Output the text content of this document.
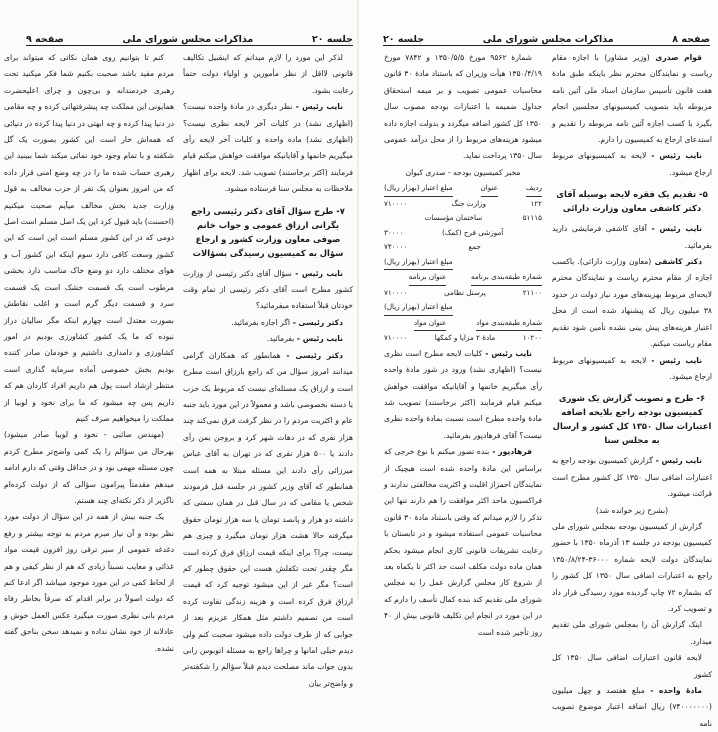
جلسه ۲۰
مذاکرات مجلس شورای ملی
صفحه ۹

لذکر این مورد را لازم میدانم که اینقبیل تکالیف قانونی لااقل از نظر مأمورین و اولیاء دولت حتماً رعایت بشود.

نایب رئیس - نظر دیگری در مادهٔ واحده نیست؟ (اظهاری نشد) در کلیات آخر لایحه نظری نیست؟ (اظهاری نشد) ماده واحده و کلیات آخر لایحه رأی میگیریم خانمها و آقایانیکه موافقت خواهش میکنم قیام فرمایند (اکثر برخاستند) تصویب شد. لایحه برای اظهار ملاحظات به مجلس سنا فرستاده میشود.

۷- طرح سؤال آقای دکتر رئیسی راجع بگرانی ارزاق عمومی و جواب خانم صوفی معاون وزارت کشور و ارجاع سؤال به کمیسیون رسیدگی بسؤالات

نایب رئیس - سؤال آقای دکتر رئیسی از وزارت کشور مطرح است آقای دکتر رئیسی از تمام وقت خودتان قبلاً استفاده میفرمائید؟

دکتر رئیسی - اگر اجازه بفرمائید.

نایب رئیس - بفرمائید.

دکتر رئیسی - همانطور که همکاران گرامی میدانند امروز سؤال من که راجع بارزاق است مطرح است و ارزاق یک مسئله‌ای نیست که مربوط یک حزب یا دسته بخصوصی باشد و معمولاً در این مورد باید جنبه عام و اکثریت مردم را در نظر گرفت فرق نمی‌کند چند هزار نفری که در دهات شهر کرد و بروجن بمن رأی دادند یا ۵۰۰ هزار نفری که در تهران به آقای عباس میرزائی رأی دادند این مسئله مبتلا به همه است همانطور که آقای وزیر کشور در جلسه قبل فرمودند شخص یا مقامی که در سال قبل در همان سمتی که داشته دو هزار و پانصد تومان یا سه هزار تومان حقوق میگرفته حالا هشت هزار تومان میگیرد و چیزی هم نیست، چرا؟ برای اینکه قیمت ارزاق فرق کرده است مگر چقدر تحت تکفلش هست این حقوق چطور کم است؟ مگر غیر از این میشود توجیه کرد که قیمت ارزاق فرق کرده است و هزینه زندگی تفاوت کرده است من تصمیم داشتم مثل همکار عزیزم بعد از جوابی که از طرف دولت داده میشود صحبت کنم ولی دیدم خیلی امانها و چراها راجع به مسئله اتوبوس رانی بدون جواب ماند مصلحت دیدم قبلاً سؤالم را شکفته‌تر و واضح‌تر بیان

کنم تا بتوانیم روی همان نکاتی که میتواند برای مردم مفید باشد صحبت بکنیم شما فکر میکنید تحت رهبری خردمندانه و بی‌چون و چرای اعلیحضرت همایونی این مملکت چه پیشرفتهائی کرده و چه مقامی در دنیا پیدا کرده و چه ابهتی در دنیا پیدا کرده در دنیائی که همه‌اش خار است این کشور بصورت یک گل شکفته و با تمام وجود خود نمائی میکند شما ببینید این رهبری حساب شده ما را در چه وضع امنی قرار داده که من امروز بعنوان یک نفر از حزب مخالف به قول وزارت جدید بخش مخالف میآیم صحبت میکنیم (احسنت) باید قبول کرد این یک اصل مسلم است اصل دومی که در این کشور مسلم است این است که این کشور وسعت کافی دارد سوم اینکه این کشور آب و هوای مختلف دارد دو وضع خاک مناسب دارد بخشی مرطوب است یک قسمت خشک است یک قسمت سرد و قسمت دیگر گرم است و اغلب نقاطش بصورت معتدل است چهارم اینکه مگر سالیان دراز نبوده که ما یک کشور کشاورزی بودیم در امور کشاورزی و دامداری داشتیم و خودمان صادر کننده بودیم بخش خصوصی آماده سرمایه گذاری است منتظر ارشاد است پول هم داریم افراد کاردان هم که داریم پس چه میشود که ما برای نخود و لوبیا از مملکت را میخواهیم صرف کنیم

(مهندس صائبی - نخود و لوبیا صادر میشود) بهرحال من سؤالم را یک کمی واضح‌تر مطرح کردم چون مسئله مهمی بود و در حداقل وقتی که دارم ادامه میدهم مقدمتاً پیرامون سؤالی که از دولت کرده‌ام ناگزیر از ذکر نکته‌ای چند هستم.

یک جنبه بیش از همه در این سؤال از دولت مورد نظر بوده و آن نیاز مبرم مردم به توجه بیشتر و رفع دغدغه عمومی از سیر ترقی روز افزون قیمت مواد غذائی و معایب نسبتاً زیادی که هم از نظر کیفی و هم از لحاظ کمی در این مورد موجود میباشد اگر ادعا کنم که دولت اصولاً در برابر اقدام که صرفاً بخاطر رفاه مردم بانی نظری صورت میگیرد عکس العمل خوش و عادلانه از خود نشان نداده و نمیدهد سخن بناحق گفته نشده.

صفحه ۸
مذاکرات مجلس شورای ملی
جلسه ۲۰

قوام صدری (وزیر مشاور) با اجازه مقام ریاست و نمایندگان محترم نظر باینکه طبق مادهٔ هفت قانون تأسیس سازمان اسناد ملی آئین نامه مربوطه باید بتصویب کمیسیونهای مجلسین انجام بگیرد با کسب اجازه آئین نامه مربوطه را تقدیم و استدعای ارجاع به کمیسیون را دارم.

نایب رئیس - لایحه به کمیسیونهای مربوط ارجاع میشود.

۵- تقدیم یک فقره لایحه بوسیله آقای دکتر کاشفی معاون وزارت دارائی

نایب رئیس - آقای کاشفی فرمایشی دارید بفرمائید.

دکتر کاشفی (معاون وزارت دارائی). باکسب اجازه از مقام محترم ریاست و نمایندگان محترم لایحه‌ای مربوط بهزینه‌های مورد نیاز دولت در حدود ۳۸ میلیون ریال که پیشنهاد شده است از محل اعتبار هزینه‌های پیش بینی نشده تأمین شود تقدیم مقام ریاست میکنم.

نایب رئیس - لایحه به کمیسیونهای مربوط ارجاع میشود.

۶- طرح و تصویب گزارش یک شوری کمیسیون بودجه راجع بلایحه اضافه اعتبارات سال ۱۳۵۰ کل کشور و ارسال به مجلس سنا

نایب رئیس - گزارش کمیسیون بودجه راجع به اعتبارات اضافی سال ۱۳۵۰ کل کشور مطرح است قرائت میشود.

(بشرح زیر خوانده شد)

گزارش از کمیسیون بودجه بمجلس شورای ملی کمیسیون بودجه در جلسه ۱۳ آذرماه ۱۳۵۰ با حضور نمایندگان دولت لایحه شماره ۳۶۰۰۰-۱۳۵۰/۸/۲۴ راجع به اعتبارات اضافی سال ۱۳۵۰ کل کشور را که بشماره ۷۲ چاپ گردیده مورد رسیدگی قرار داد و تصویب کرد.

اینک گزارش آن را بمجلس شورای ملی تقدیم میدارد.

لایحه قانون اعتبارات اضافی سال ۱۳۵۰ کل کشور

مادهٔ واحده - مبلغ هفتصد و چهل میلیون (۷۴۰۰۰۰۰۰۰) ریال اضافه اعتبار موضوع تصویب نامه

شمارهٔ ۹۵۶۲ مورخ ۱۳۵۰/۵/۵ و ۷۸۴۲ مورخ ۱۳۵۰/۴/۱۹ هیأت وزیران که باستناد مادهٔ ۳۰ قانون محاسبات عمومی تصویب و بر میمه استحقاق جداول ضمیمه با اعتبارات بودجه مصوب سال ۱۳۵۰ کل کشور اضافه میگردد و بدولت اجازه داده میشود هزینه‌های مربوط را از محل درآمد عمومی سال ۱۳۵۰ پرداخت نماید.

مخبر کمیسیون بودجه - صدری کیوان

ردیف
عنوان
مبلغ اعتبار (بهزار ریال)
۱۲۲
وزارت جنگ
۷۱۰۰۰۰
۵۱۱۱۵
ساختمان مؤسسات
آموزشی فرح (کمک)
۳۰۰۰۰
جمع
۷۴۰۰۰۰
مبلغ اعتبار (بهزار ریال)
شماره طبقه‌بندی برنامه
عنوان برنامه
۲۱۱۰۰
پرسنل نظامی
۷۱۰۰۰۰
مبلغ اعتبار (بهزار ریال)
شماره طبقه‌بندی مواد
عنوان مواد
۱۰۲۰۰
مادهٔ ۲ مزایا و کمکها
۷۱۰۰۰۰

نایب رئیس - کلیات لایحه مطرح است نظری نیست؟ (اظهاری نشد) ورود در شور مادهٔ واحده رأی میگیریم خانمها و آقایانیکه موافقت خواهش میکنم قیام فرمایند (اکثر برخاستند) تصویب شد مادهٔ واحده مطرح است نسبت بمادهٔ واحده نظری نیست؟ آقای فرهادپور بفرمائید.

فرهادپور - بنده تصور میکنم با نوع خرجی که براساس این مادهٔ واحده شده است هیچیک از نمایندگان احمزاز اقلیت و اکثریت مخالفتی ندارند و فراکسیون ماحد اکثر موافقت را هم دارند تنها این تذکر را لازم میدانم که وقتی باستناد مادهٔ ۳۰ قانون محاسبات عمومی استفاده میشود و در تابستان با رعایت تشریفات قانونی کاری انجام میشود بحکم همان ماده دولت مکلف است حد اکثر تا یکماه بعد از شروع کار مجلس گزارش عمل را به مجلس شورای ملی تقدیم کند بنده کمال تأسف را دارم که در این مورد در انجام این تکلیف قانونی بیش از ۴۰ روز تأخیر شده است
